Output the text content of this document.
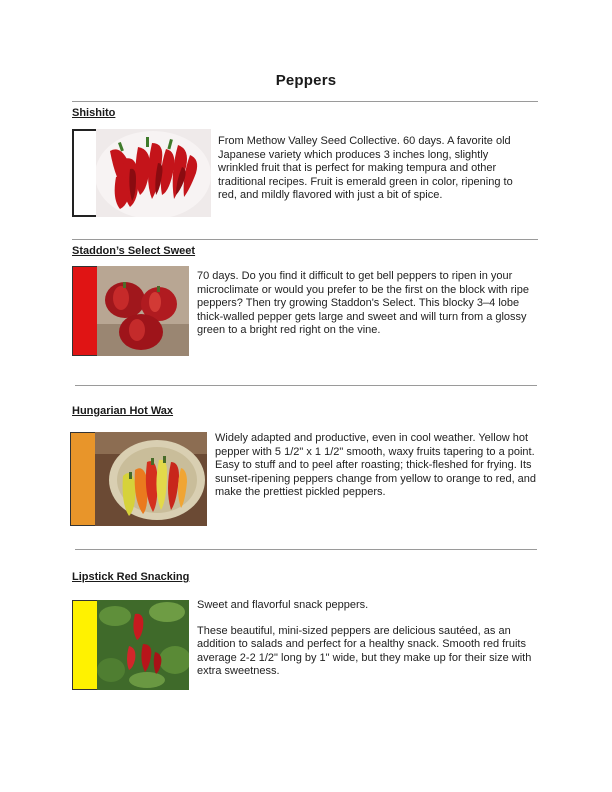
Peppers
Shishito

From Methow Valley Seed Collective. 60 days. A favorite old Japanese variety which produces 3 inches long, slightly wrinkled fruit that is perfect for making tempura and other traditional recipes. Fruit is emerald green in color, ripening to red, and mildly flavored with just a bit of spice.

Staddon’s Select Sweet

70 days. Do you find it difficult to get bell peppers to ripen in your microclimate or would you prefer to be the first on the block with ripe peppers? Then try growing Staddon's Select. This blocky 3–4 lobe thick-walled pepper gets large and sweet and will turn from a glossy green to a bright red right on the vine.

Hungarian Hot Wax

Widely adapted and productive, even in cool weather. Yellow hot pepper with 5 1/2" x 1 1/2" smooth, waxy fruits tapering to a point. Easy to stuff and to peel after roasting; thick-fleshed for frying. Its sunset-ripening peppers change from yellow to orange to red, and make the prettiest pickled peppers.

Lipstick Red Snacking

Sweet and flavorful snack peppers.

These beautiful, mini-sized peppers are delicious sautéed, as an addition to salads and perfect for a healthy snack. Smooth red fruits average 2-2 1/2" long by 1" wide, but they make up for their size with extra sweetness.
